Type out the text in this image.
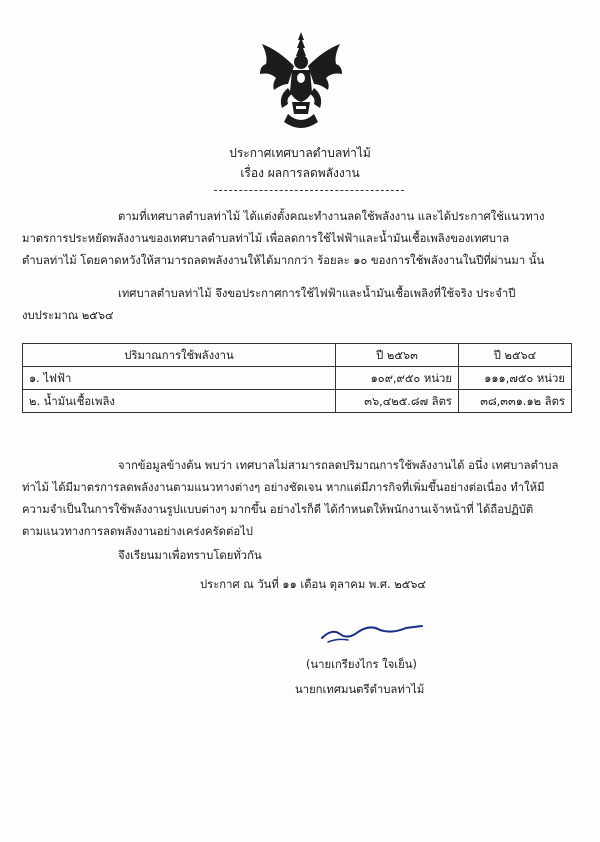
ประกาศเทศบาลตำบลท่าไม้
เรื่อง ผลการลดพลังงาน
ตามที่เทศบาลตำบลท่าไม้ ได้แต่งตั้งคณะทำงานลดใช้พลังงาน และได้ประกาศใช้แนวทาง
มาตรการประหยัดพลังงานของเทศบาลตำบลท่าไม้ เพื่อลดการใช้ไฟฟ้าและน้ำมันเชื้อเพลิงของเทศบาล
ตำบลท่าไม้ โดยคาดหวังให้สามารถลดพลังงานให้ได้มากกว่า ร้อยละ ๑๐ ของการใช้พลังงานในปีที่ผ่านมา นั้น
เทศบาลตำบลท่าไม้ จึงขอประกาศการใช้ไฟฟ้าและน้ำมันเชื้อเพลิงที่ใช้จริง ประจำปี
งบประมาณ ๒๕๖๔
ปริมาณการใช้พลังงาน	ปี ๒๕๖๓	ปี ๒๕๖๔
๑. ไฟฟ้า	๑๐๙,๙๕๐ หน่วย	๑๑๑,๗๕๐ หน่วย
๒. น้ำมันเชื้อเพลิง	๓๖,๔๒๕.๘๗ ลิตร	๓๘,๓๓๑.๑๒ ลิตร
จากข้อมูลข้างต้น พบว่า เทศบาลไม่สามารถลดปริมาณการใช้พลังงานได้ อนึ่ง เทศบาลตำบล
ท่าไม้ ได้มีมาตรการลดพลังงานตามแนวทางต่างๆ อย่างชัดเจน หากแต่มีภารกิจที่เพิ่มขึ้นอย่างต่อเนื่อง ทำให้มี
ความจำเป็นในการใช้พลังงานรูปแบบต่างๆ มากขึ้น อย่างไรก็ดี ได้กำหนดให้พนักงานเจ้าหน้าที่ ได้ถือปฏิบัติ
ตามแนวทางการลดพลังงานอย่างเคร่งครัดต่อไป
จึงเรียนมาเพื่อทราบโดยทั่วกัน
ประกาศ ณ วันที่ ๑๑ เดือน ตุลาคม พ.ศ. ๒๕๖๔
(นายเกรียงไกร ใจเย็น)
นายกเทศมนตรีตำบลท่าไม้
